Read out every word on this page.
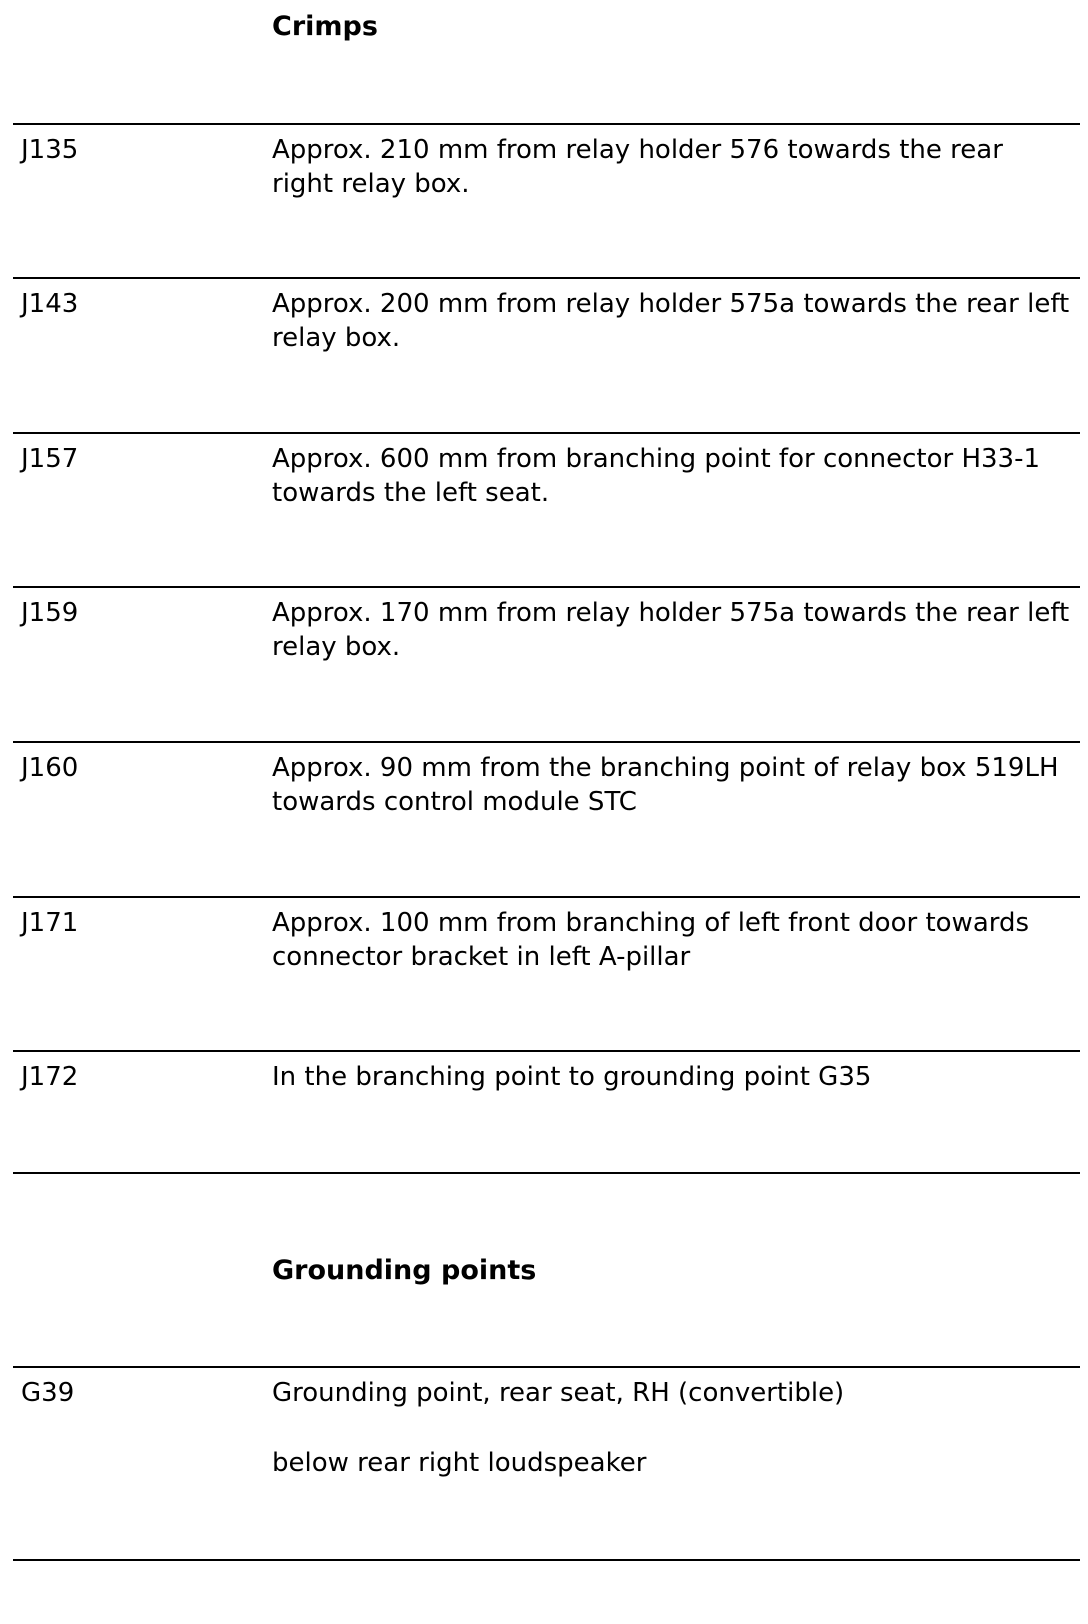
Crimps
J135	Approx. 210 mm from relay holder 576 towards the rear right relay box.

J143	Approx. 200 mm from relay holder 575a towards the rear left relay box.

J157	Approx. 600 mm from branching point for connector H33-1 towards the left seat.

J159	Approx. 170 mm from relay holder 575a towards the rear left relay box.

J160	Approx. 90 mm from the branching point of relay box 519LH towards control module STC

J171	Approx. 100 mm from branching of left front door towards connector bracket in left A-pillar

J172	In the branching point to grounding point G35

Grounding points
G39	Grounding point, rear seat, RH (convertible)

below rear right loudspeaker
